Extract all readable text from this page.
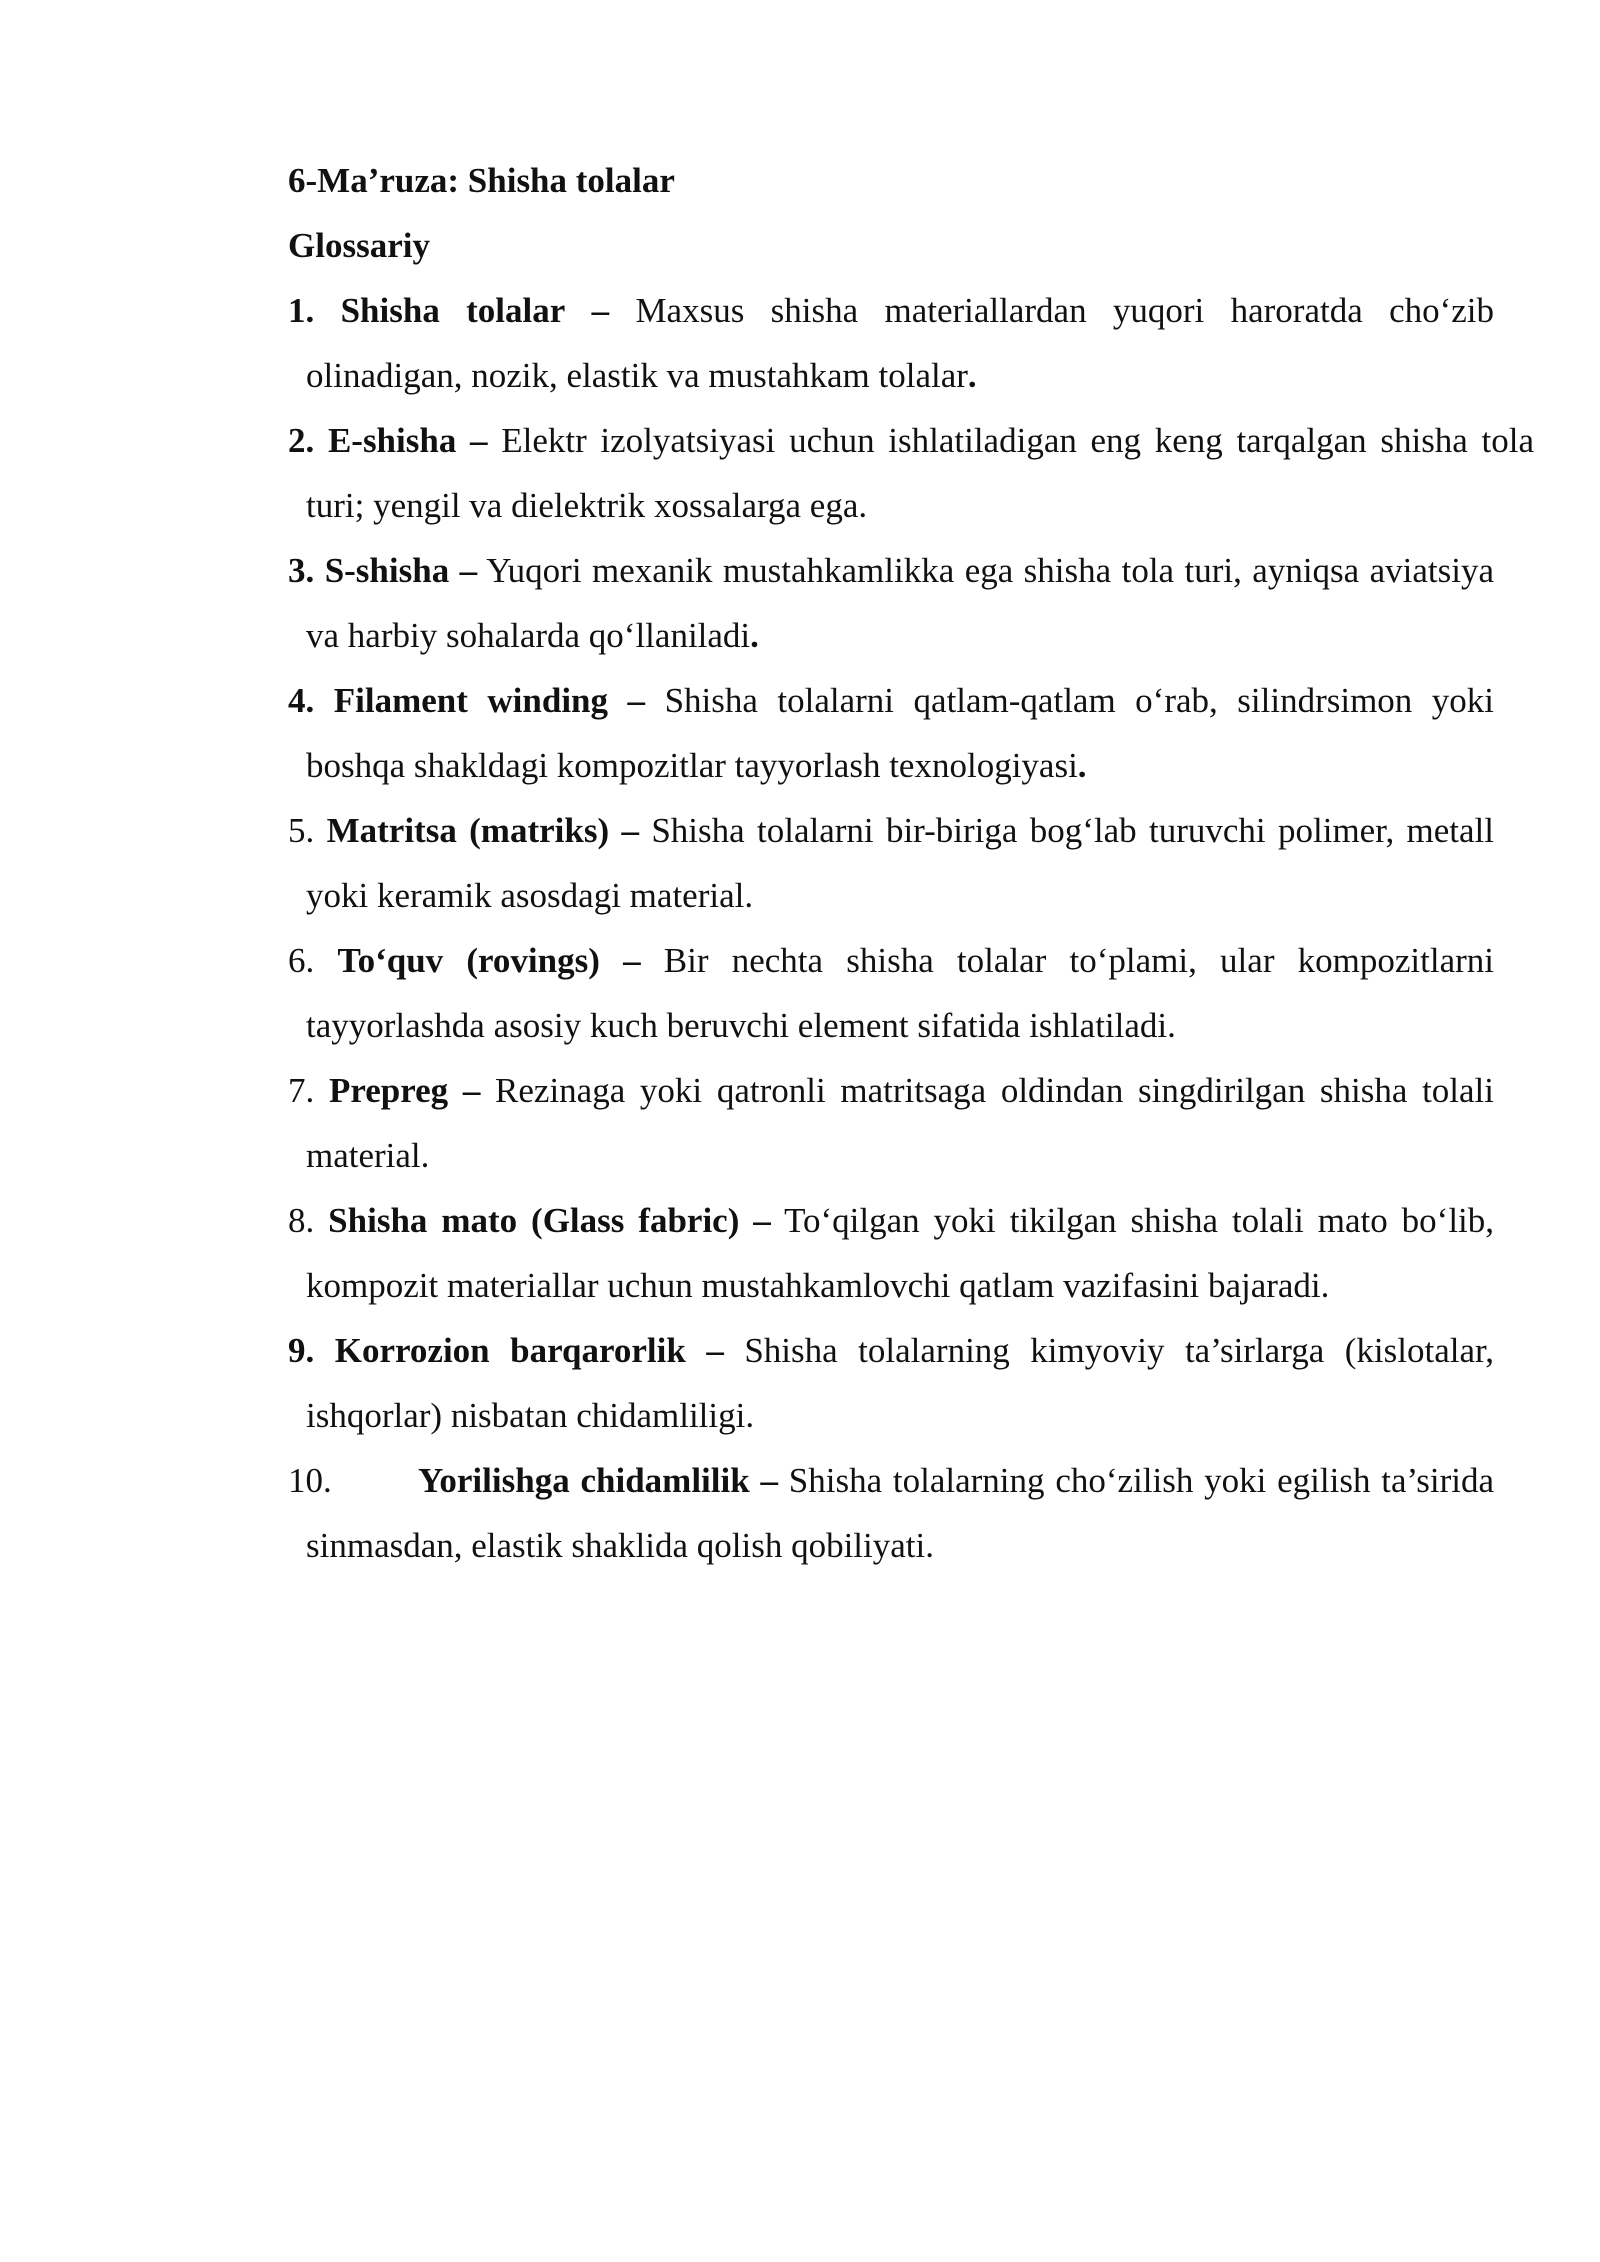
6-Ma’ruza: Shisha tolalar

Glossariy

1. Shisha tolalar – Maxsus shisha materiallardan yuqori haroratda cho‘zib olinadigan, nozik, elastik va mustahkam tolalar.
2. E-shisha – Elektr izolyatsiyasi uchun ishlatiladigan eng keng tarqalgan shisha tola turi; yengil va dielektrik xossalarga ega.
3. S-shisha – Yuqori mexanik mustahkamlikka ega shisha tola turi, ayniqsa aviatsiya va harbiy sohalarda qo‘llaniladi.
4. Filament winding – Shisha tolalarni qatlam-qatlam o‘rab, silindrsimon yoki boshqa shakldagi kompozitlar tayyorlash texnologiyasi.
5. Matritsa (matriks) – Shisha tolalarni bir-biriga bog‘lab turuvchi polimer, metall yoki keramik asosdagi material.
6. To‘quv (rovings) – Bir nechta shisha tolalar to‘plami, ular kompozitlarni tayyorlashda asosiy kuch beruvchi element sifatida ishlatiladi.
7. Prepreg – Rezinaga yoki qatronli matritsaga oldindan singdirilgan shisha tolali material.
8. Shisha mato (Glass fabric) – To‘qilgan yoki tikilgan shisha tolali mato bo‘lib, kompozit materiallar uchun mustahkamlovchi qatlam vazifasini bajaradi.
9. Korrozion barqarorlik – Shisha tolalarning kimyoviy ta’sirlarga (kislotalar, ishqorlar) nisbatan chidamliligi.
10. Yorilishga chidamlilik – Shisha tolalarning cho‘zilish yoki egilish ta’sirida sinmasdan, elastik shaklida qolish qobiliyati.
